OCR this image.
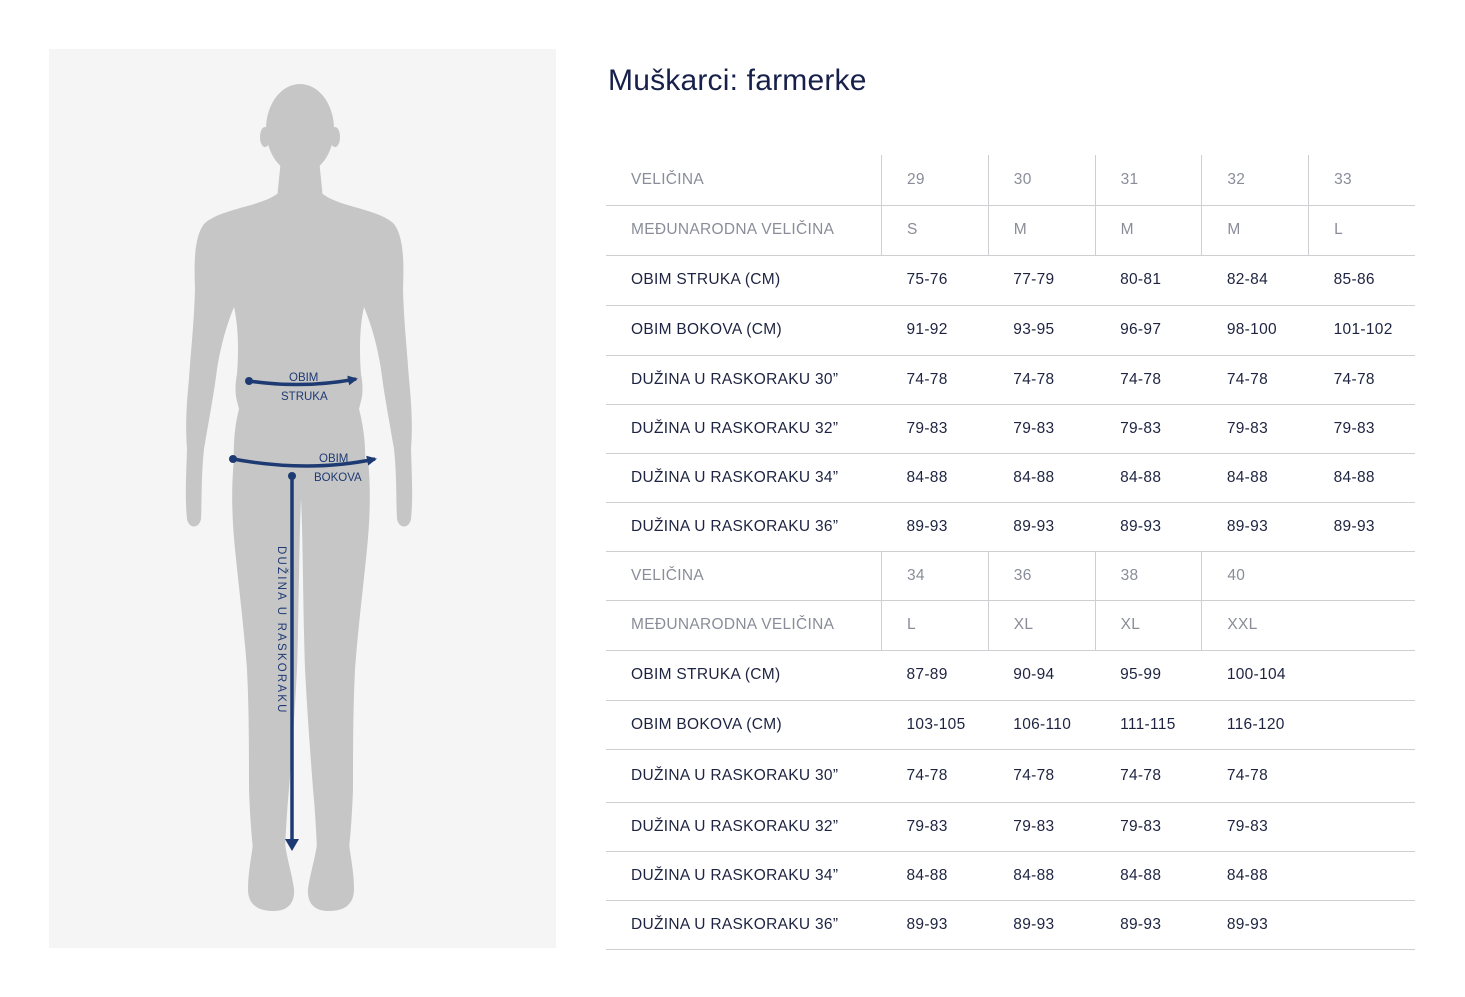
OBIM
STRUKA
OBIM
BOKOVA
DUŽINA U RASKORAKU
Muškarci: farmerke
VELIČINA	29	30	31	32	33
MEĐUNARODNA VELIČINA	S	M	M	M	L
OBIM STRUKA (CM)	75-76	77-79	80-81	82-84	85-86
OBIM BOKOVA (CM)	91-92	93-95	96-97	98-100	101-102
DUŽINA U RASKORAKU 30”	74-78	74-78	74-78	74-78	74-78
DUŽINA U RASKORAKU 32”	79-83	79-83	79-83	79-83	79-83
DUŽINA U RASKORAKU 34”	84-88	84-88	84-88	84-88	84-88
DUŽINA U RASKORAKU 36”	89-93	89-93	89-93	89-93	89-93
VELIČINA	34	36	38	40	
MEĐUNARODNA VELIČINA	L	XL	XL	XXL	
OBIM STRUKA (CM)	87-89	90-94	95-99	100-104	
OBIM BOKOVA (CM)	103-105	106-110	111-115	116-120	
DUŽINA U RASKORAKU 30”	74-78	74-78	74-78	74-78	
DUŽINA U RASKORAKU 32”	79-83	79-83	79-83	79-83	
DUŽINA U RASKORAKU 34”	84-88	84-88	84-88	84-88	
DUŽINA U RASKORAKU 36”	89-93	89-93	89-93	89-93	
